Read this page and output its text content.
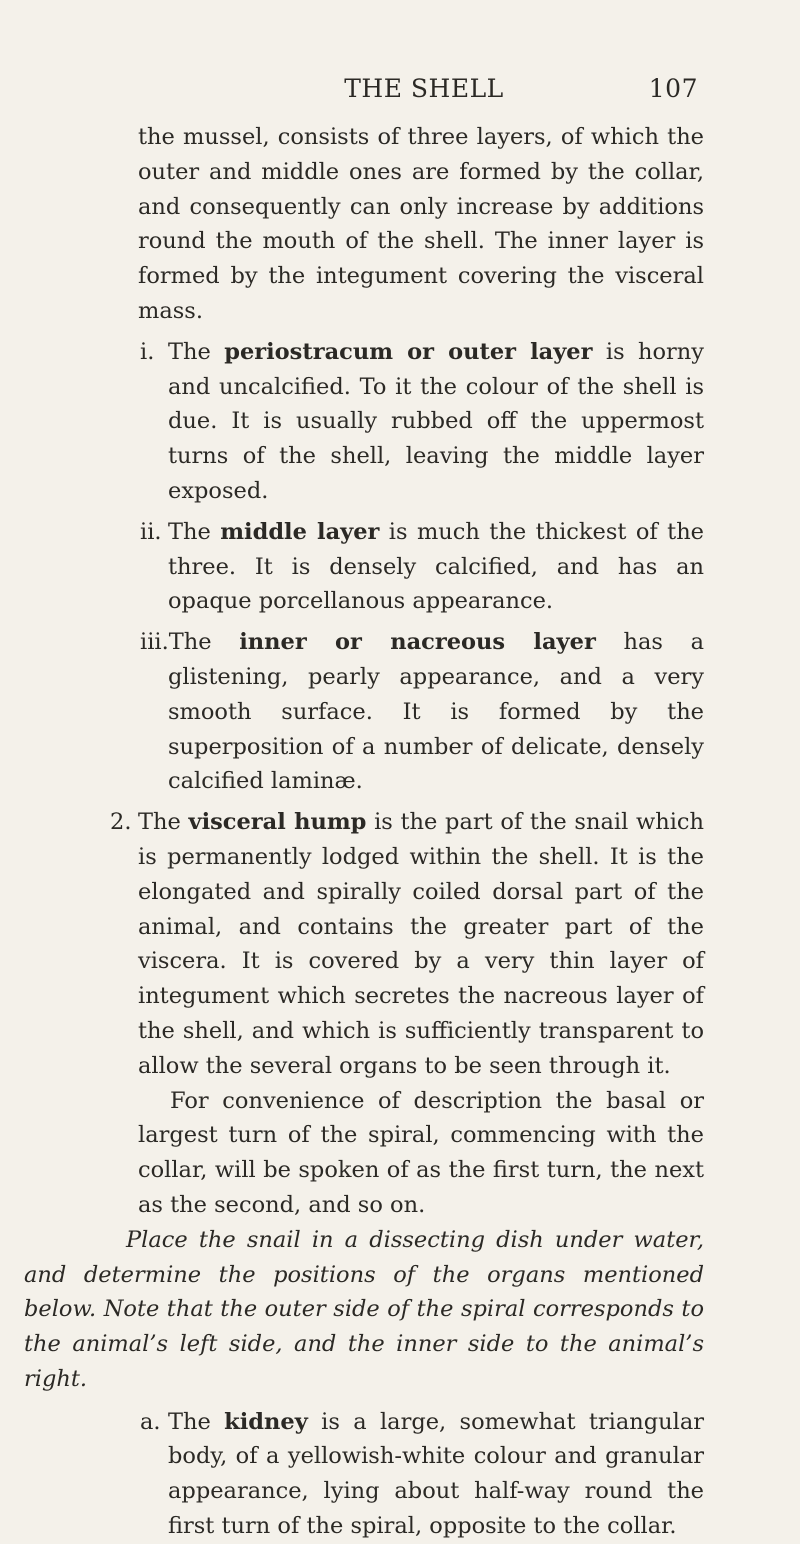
THE SHELL	107

the mussel, consists of three layers, of which the outer and middle ones are formed by the collar, and consequently can only increase by additions round the mouth of the shell. The inner layer is formed by the integument covering the visceral mass.

i. The periostracum or outer layer is horny and uncalcified. To it the colour of the shell is due. It is usually rubbed off the uppermost turns of the shell, leaving the middle layer exposed.

ii. The middle layer is much the thickest of the three. It is densely calcified, and has an opaque porcellanous appearance.

iii.The inner or nacreous layer has a glistening, pearly appearance, and a very smooth surface. It is formed by the superposition of a number of delicate, densely calcified laminæ.

2. The visceral hump is the part of the snail which is permanently lodged within the shell. It is the elongated and spirally coiled dorsal part of the animal, and contains the greater part of the viscera. It is covered by a very thin layer of integument which secretes the nacreous layer of the shell, and which is sufficiently transparent to allow the several organs to be seen through it.

For convenience of description the basal or largest turn of the spiral, commencing with the collar, will be spoken of as the first turn, the next as the second, and so on.

Place the snail in a dissecting dish under water, and determine the positions of the organs mentioned below. Note that the outer side of the spiral corresponds to the animal’s left side, and the inner side to the animal’s right.

a. The kidney is a large, somewhat triangular body, of a yellowish-white colour and granular appearance, lying about half-way round the first turn of the spiral, opposite to the collar.
